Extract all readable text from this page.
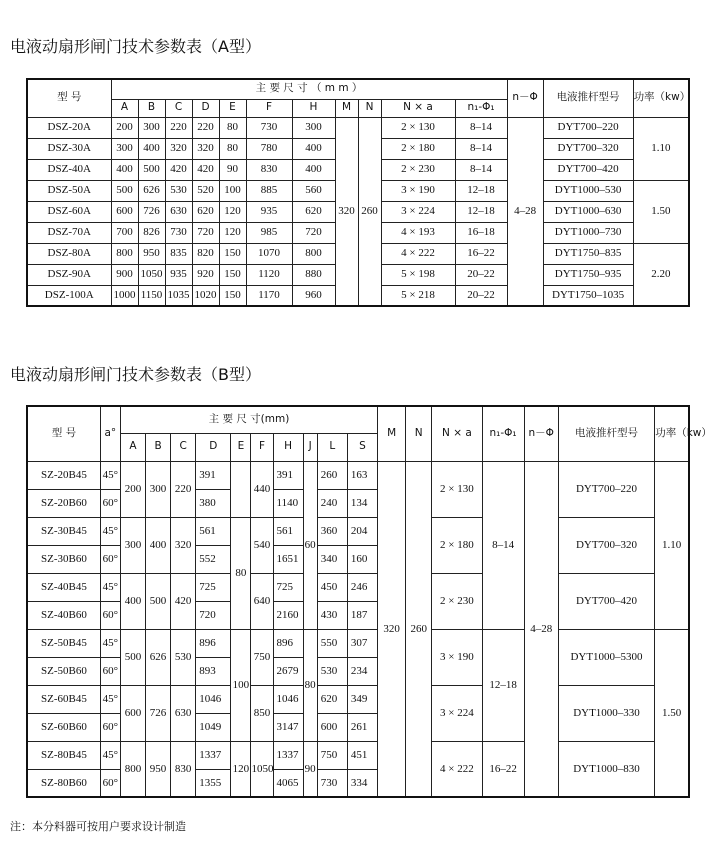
电液动扇形闸门技术参数表（A型）
型 号	主 要 尺 寸 （ m m ）											n－Φ	电液推杆型号	功率（kw）
	A	B	C	D	E	F	H	M	N	N × a	n₁-Φ₁			
DSZ-20A	200	300	220	220	80	730	300	320	260	2 × 130	8–14	4–28	DYT700–220	1.10
DSZ-30A	300	400	320	320	80	780	400			2 × 180	8–14		DYT700–320	
DSZ-40A	400	500	420	420	90	830	400			2 × 230	8–14		DYT700–420	
DSZ-50A	500	626	530	520	100	885	560			3 × 190	12–18		DYT1000–530	1.50
DSZ-60A	600	726	630	620	120	935	620			3 × 224	12–18		DYT1000–630	
DSZ-70A	700	826	730	720	120	985	720			4 × 193	16–18		DYT1000–730	
DSZ-80A	800	950	835	820	150	1070	800			4 × 222	16–22		DYT1750–835	2.20
DSZ-90A	900	1050	935	920	150	1120	880			5 × 198	20–22		DYT1750–935	
DSZ-100A	1000	1150	1035	1020	150	1170	960			5 × 218	20–22		DYT1750–1035	
电液动扇形闸门技术参数表（B型）
型 号	a°	主 要 尺 寸(mm)										M	N	N × a	n₁-Φ₁	n－Φ	电液推杆型号	功率（kw）
		A	B	C	D	E	F	H	J	L	S							
SZ-20B45	45°	200	300	220	391		440	391	60	260	163	320	260	2 × 130	8–14	4–28	DYT700–220	1.10
SZ-20B60	60°				380			1140		240	134							
SZ-30B45	45°	300	400	320	561	80	540	561		360	204			2 × 180			DYT700–320	
SZ-30B60	60°				552			1651		340	160							
SZ-40B45	45°	400	500	420	725		640	725		450	246			2 × 230			DYT700–420	
SZ-40B60	60°				720			2160		430	187							
SZ-50B45	45°	500	626	530	896	100	750	896	80	550	307			3 × 190	12–18		DYT1000–5300	1.50
SZ-50B60	60°				893			2679		530	234							
SZ-60B45	45°	600	726	630	1046		850	1046		620	349			3 × 224			DYT1000–330	
SZ-60B60	60°				1049			3147		600	261							
SZ-80B45	45°	800	950	830	1337	120	1050	1337	90	750	451			4 × 222	16–22		DYT1000–830	
SZ-80B60	60°				1355			4065		730	334							
注：本分料器可按用户要求设计制造
